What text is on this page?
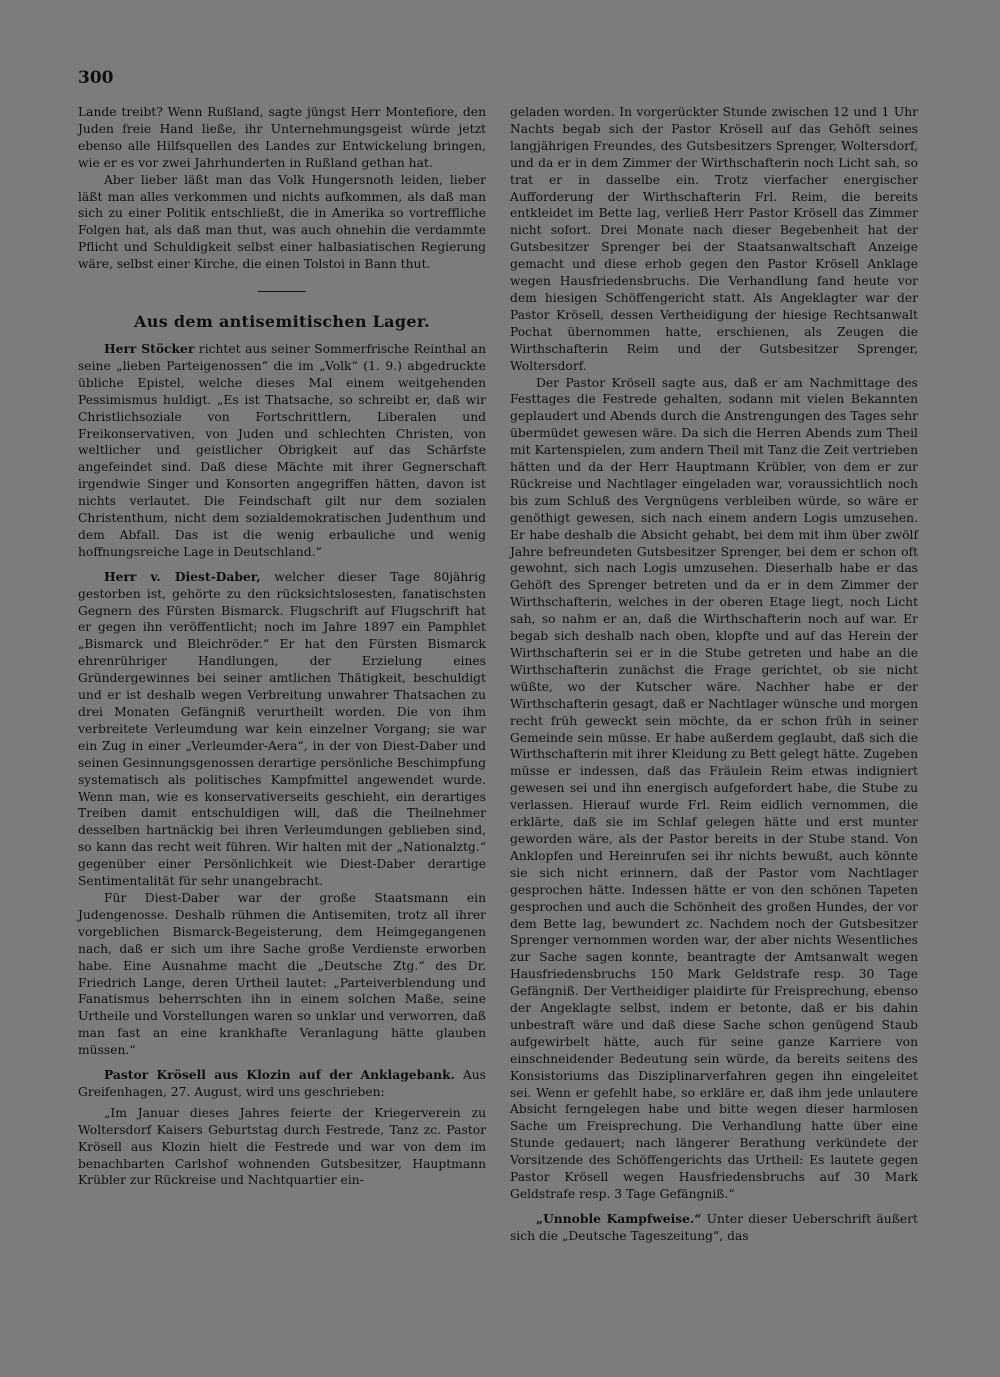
300

Lande treibt? Wenn Rußland, sagte jüngst Herr Montefiore, den Juden freie Hand ließe, ihr Unternehmungsgeist würde jetzt ebenso alle Hilfsquellen des Landes zur Entwickelung bringen, wie er es vor zwei Jahrhunderten in Rußland gethan hat.

Aber lieber läßt man das Volk Hungersnoth leiden, lieber läßt man alles verkommen und nichts aufkommen, als daß man sich zu einer Politik entschließt, die in Amerika so vortreffliche Folgen hat, als daß man thut, was auch ohnehin die verdammte Pflicht und Schuldigkeit selbst einer halbasiatischen Regierung wäre, selbst einer Kirche, die einen Tolstoi in Bann thut.

Aus dem antisemitischen Lager.

Herr Stöcker richtet aus seiner Sommerfrische Reinthal an seine „lieben Parteigenossen“ die im „Volk“ (1. 9.) abgedruckte übliche Epistel, welche dieses Mal einem weitgehenden Pessimismus huldigt. „Es ist Thatsache, so schreibt er, daß wir Christlichsoziale von Fortschrittlern, Liberalen und Freikonservativen, von Juden und schlechten Christen, von weltlicher und geistlicher Obrigkeit auf das Schärfste angefeindet sind. Daß diese Mächte mit ihrer Gegnerschaft irgendwie Singer und Konsorten angegriffen hätten, davon ist nichts verlautet. Die Feindschaft gilt nur dem sozialen Christenthum, nicht dem sozialdemokratischen Judenthum und dem Abfall. Das ist die wenig erbauliche und wenig hoffnungsreiche Lage in Deutschland.“

Herr v. Diest-Daber, welcher dieser Tage 80jährig gestorben ist, gehörte zu den rücksichtslosesten, fanatischsten Gegnern des Fürsten Bismarck. Flugschrift auf Flugschrift hat er gegen ihn veröffentlicht; noch im Jahre 1897 ein Pamphlet „Bismarck und Bleichröder.“ Er hat den Fürsten Bismarck ehrenrühriger Handlungen, der Erzielung eines Gründergewinnes bei seiner amtlichen Thätigkeit, beschuldigt und er ist deshalb wegen Verbreitung unwahrer Thatsachen zu drei Monaten Gefängniß verurtheilt worden. Die von ihm verbreitete Verleumdung war kein einzelner Vorgang; sie war ein Zug in einer „Verleumder-Aera“, in der von Diest-Daber und seinen Gesinnungsgenossen derartige persönliche Beschimpfung systematisch als politisches Kampfmittel angewendet wurde. Wenn man, wie es konservativerseits geschieht, ein derartiges Treiben damit entschuldigen will, daß die Theilnehmer desselben hartnäckig bei ihren Verleumdungen geblieben sind, so kann das recht weit führen. Wir halten mit der „Nationalztg.“ gegenüber einer Persönlichkeit wie Diest-Daber derartige Sentimentalität für sehr unangebracht.

Für Diest-Daber war der große Staatsmann ein Judengenosse. Deshalb rühmen die Antisemiten, trotz all ihrer vorgeblichen Bismarck-Begeisterung, dem Heimgegangenen nach, daß er sich um ihre Sache große Verdienste erworben habe. Eine Ausnahme macht die „Deutsche Ztg.“ des Dr. Friedrich Lange, deren Urtheil lautet: „Parteiverblendung und Fanatismus beherrschten ihn in einem solchen Maße, seine Urtheile und Vorstellungen waren so unklar und verworren, daß man fast an eine krankhafte Veranlagung hätte glauben müssen.“

Pastor Krösell aus Klozin auf der Anklagebank. Aus Greifenhagen, 27. August, wird uns geschrieben:

„Im Januar dieses Jahres feierte der Kriegerverein zu Woltersdorf Kaisers Geburtstag durch Festrede, Tanz zc. Pastor Krösell aus Klozin hielt die Festrede und war von dem im benachbarten Carlshof wohnenden Gutsbesitzer, Hauptmann Krübler zur Rückreise und Nachtquartier ein-

geladen worden. In vorgerückter Stunde zwischen 12 und 1 Uhr Nachts begab sich der Pastor Krösell auf das Gehöft seines langjährigen Freundes, des Gutsbesitzers Sprenger, Woltersdorf, und da er in dem Zimmer der Wirthschafterin noch Licht sah, so trat er in dasselbe ein. Trotz vierfacher energischer Aufforderung der Wirthschafterin Frl. Reim, die bereits entkleidet im Bette lag, verließ Herr Pastor Krösell das Zimmer nicht sofort. Drei Monate nach dieser Begebenheit hat der Gutsbesitzer Sprenger bei der Staatsanwaltschaft Anzeige gemacht und diese erhob gegen den Pastor Krösell Anklage wegen Hausfriedensbruchs. Die Verhandlung fand heute vor dem hiesigen Schöffengericht statt. Als Angeklagter war der Pastor Krösell, dessen Vertheidigung der hiesige Rechtsanwalt Pochat übernommen hatte, erschienen, als Zeugen die Wirthschafterin Reim und der Gutsbesitzer Sprenger, Woltersdorf.

Der Pastor Krösell sagte aus, daß er am Nachmittage des Festtages die Festrede gehalten, sodann mit vielen Bekannten geplaudert und Abends durch die Anstrengungen des Tages sehr übermüdet gewesen wäre. Da sich die Herren Abends zum Theil mit Kartenspielen, zum andern Theil mit Tanz die Zeit vertrieben hätten und da der Herr Hauptmann Krübler, von dem er zur Rückreise und Nachtlager eingeladen war, voraussichtlich noch bis zum Schluß des Vergnügens verbleiben würde, so wäre er genöthigt gewesen, sich nach einem andern Logis umzusehen. Er habe deshalb die Absicht gehabt, bei dem mit ihm über zwölf Jahre befreundeten Gutsbesitzer Sprenger, bei dem er schon oft gewohnt, sich nach Logis umzusehen. Dieserhalb habe er das Gehöft des Sprenger betreten und da er in dem Zimmer der Wirthschafterin, welches in der oberen Etage liegt, noch Licht sah, so nahm er an, daß die Wirthschafterin noch auf war. Er begab sich deshalb nach oben, klopfte und auf das Herein der Wirthschafterin sei er in die Stube getreten und habe an die Wirthschafterin zunächst die Frage gerichtet, ob sie nicht wüßte, wo der Kutscher wäre. Nachher habe er der Wirthschafterin gesagt, daß er Nachtlager wünsche und morgen recht früh geweckt sein möchte, da er schon früh in seiner Gemeinde sein müsse. Er habe außerdem geglaubt, daß sich die Wirthschafterin mit ihrer Kleidung zu Bett gelegt hätte. Zugeben müsse er indessen, daß das Fräulein Reim etwas indigniert gewesen sei und ihn energisch aufgefordert habe, die Stube zu verlassen. Hierauf wurde Frl. Reim eidlich vernommen, die erklärte, daß sie im Schlaf gelegen hätte und erst munter geworden wäre, als der Pastor bereits in der Stube stand. Von Anklopfen und Hereinrufen sei ihr nichts bewußt, auch könnte sie sich nicht erinnern, daß der Pastor vom Nachtlager gesprochen hätte. Indessen hätte er von den schönen Tapeten gesprochen und auch die Schönheit des großen Hundes, der vor dem Bette lag, bewundert zc. Nachdem noch der Gutsbesitzer Sprenger vernommen worden war, der aber nichts Wesentliches zur Sache sagen konnte, beantragte der Amtsanwalt wegen Hausfriedensbruchs 150 Mark Geldstrafe resp. 30 Tage Gefängniß. Der Vertheidiger plaidirte für Freisprechung, ebenso der Angeklagte selbst, indem er betonte, daß er bis dahin unbestraft wäre und daß diese Sache schon genügend Staub aufgewirbelt hätte, auch für seine ganze Karriere von einschneidender Bedeutung sein würde, da bereits seitens des Konsistoriums das Disziplinarverfahren gegen ihn eingeleitet sei. Wenn er gefehlt habe, so erkläre er, daß ihm jede unlautere Absicht ferngelegen habe und bitte wegen dieser harmlosen Sache um Freisprechung. Die Verhandlung hatte über eine Stunde gedauert; nach längerer Berathung verkündete der Vorsitzende des Schöffengerichts das Urtheil: Es lautete gegen Pastor Krösell wegen Hausfriedensbruchs auf 30 Mark Geldstrafe resp. 3 Tage Gefängniß.“

„Unnoble Kampfweise.“ Unter dieser Ueberschrift äußert sich die „Deutsche Tageszeitung“, das
